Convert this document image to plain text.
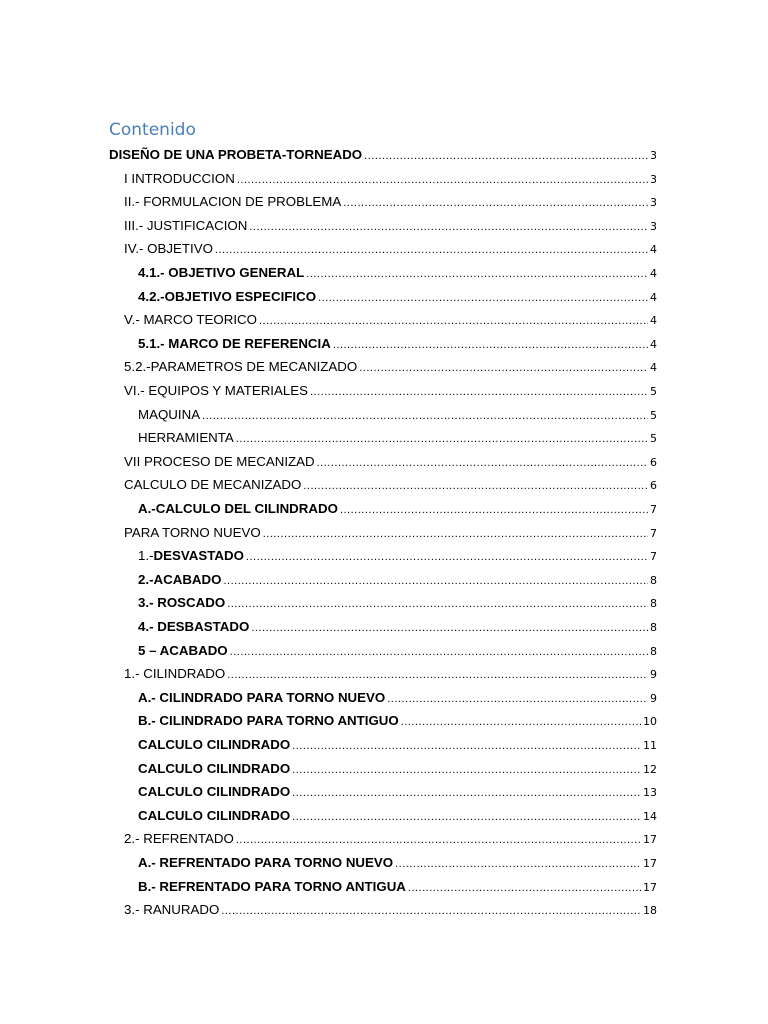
Contenido
DISEÑO DE UNA PROBETA-TORNEADO .....	3
I INTRODUCCION .....	3
II.- FORMULACION DE PROBLEMA .....	3
III.- JUSTIFICACION .....	3
IV.- OBJETIVO .....	4
4.1.- OBJETIVO GENERAL .....	4
4.2.-OBJETIVO ESPECIFICO .....	4
V.- MARCO TEORICO .....	4
5.1.- MARCO DE REFERENCIA .....	4
5.2.-PARAMETROS DE MECANIZADO .....	4
VI.- EQUIPOS Y MATERIALES .....	5
MAQUINA .....	5
HERRAMIENTA .....	5
VII PROCESO DE MECANIZAD .....	6
CALCULO DE MECANIZADO .....	6
A.-CALCULO DEL CILINDRADO .....	7
PARA TORNO NUEVO .....	7
1.-DESVASTADO .....	7
2.-ACABADO .....	8
3.- ROSCADO .....	8
4.- DESBASTADO .....	8
5 – ACABADO .....	8
1.- CILINDRADO .....	9
A.- CILINDRADO PARA TORNO NUEVO .....	9
B.- CILINDRADO PARA TORNO ANTIGUO .....	10
CALCULO CILINDRADO .....	11
CALCULO CILINDRADO .....	12
CALCULO CILINDRADO .....	13
CALCULO CILINDRADO .....	14
2.- REFRENTADO .....	17
A.- REFRENTADO PARA TORNO NUEVO .....	17
B.- REFRENTADO PARA TORNO ANTIGUA .....	17
3.- RANURADO .....	18
